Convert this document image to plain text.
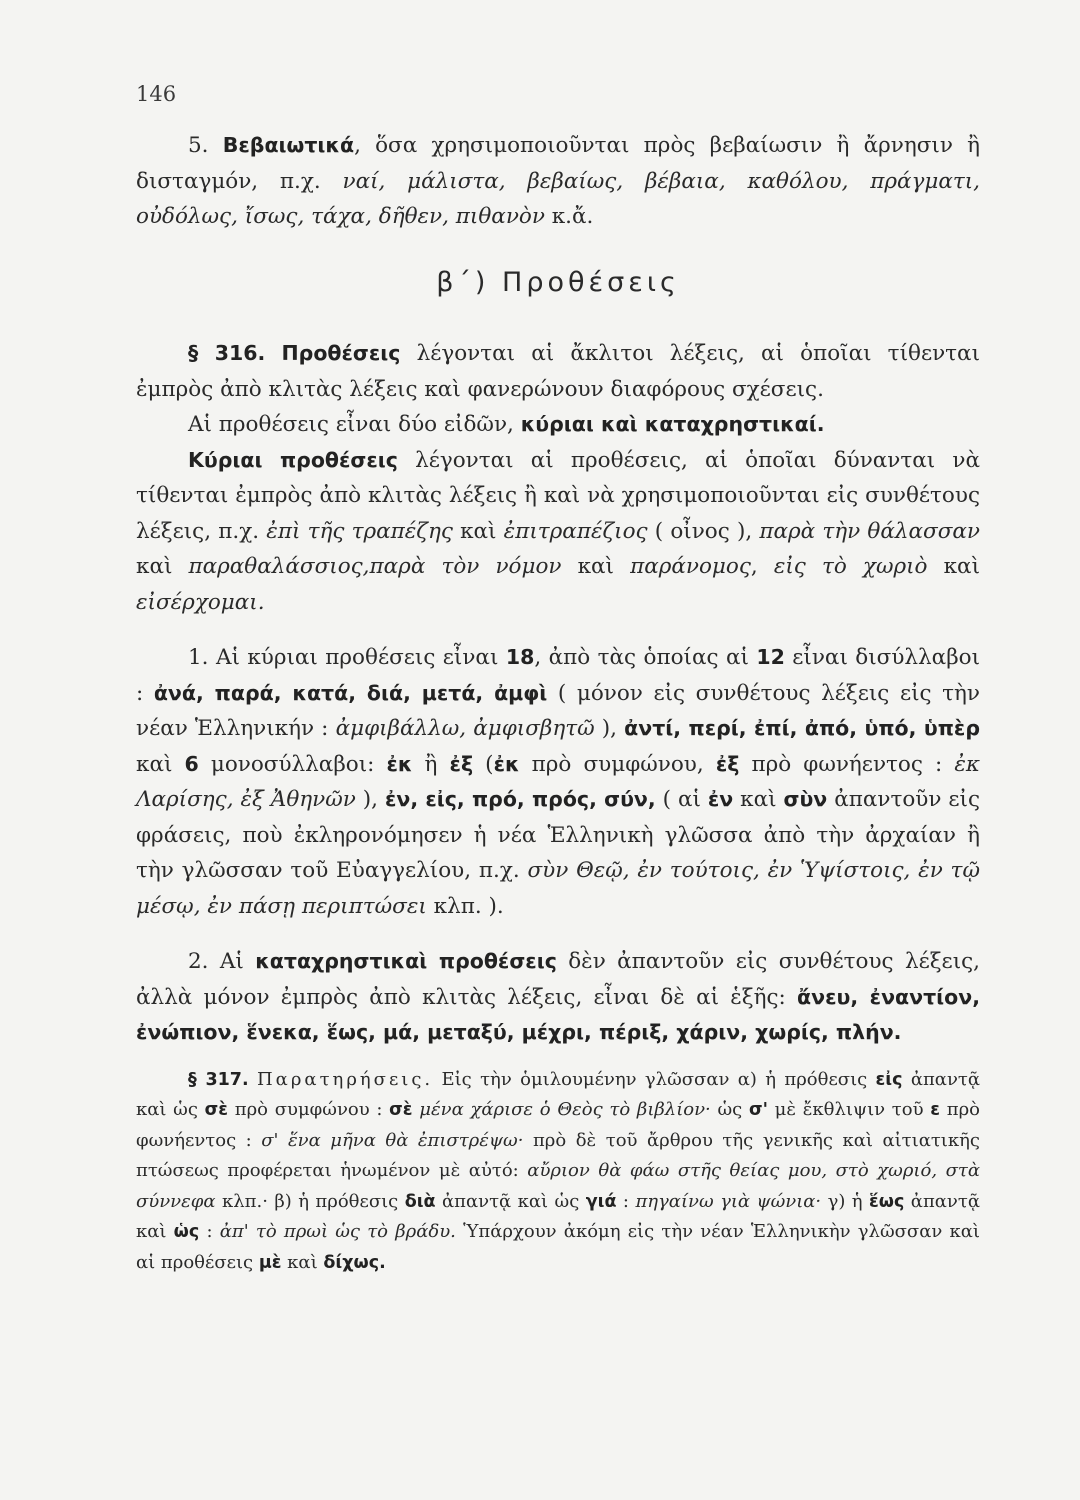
146

5. Βεβαιωτικά, ὅσα χρησιμοποιοῦνται πρὸς βεβαίωσιν ἢ ἄρνησιν ἢ δισταγμόν, π.χ. ναί, μάλιστα, βεβαίως, βέβαια, καθόλου, πράγματι, οὐδόλως, ἴσως, τάχα, δῆθεν, πιθανὸν κ.ἄ.

β΄) Προθέσεις

§ 316. Προθέσεις λέγονται αἱ ἄκλιτοι λέξεις, αἱ ὁποῖαι τίθενται ἐμπρὸς ἀπὸ κλιτὰς λέξεις καὶ φανερώνουν διαφόρους σχέσεις.

Αἱ προθέσεις εἶναι δύο εἰδῶν, κύριαι καὶ καταχρηστικαί.

Κύριαι προθέσεις λέγονται αἱ προθέσεις, αἱ ὁποῖαι δύνανται νὰ τίθενται ἐμπρὸς ἀπὸ κλιτὰς λέξεις ἢ καὶ νὰ χρησιμοποιοῦνται εἰς συνθέτους λέξεις, π.χ. ἐπὶ τῆς τραπέζης καὶ ἐπιτραπέζιος ( οἶνος ), παρὰ τὴν θάλασσαν καὶ παραθαλάσσιος,παρὰ τὸν νόμον καὶ παράνομος, εἰς τὸ χωριὸ καὶ εἰσέρχομαι.

1. Αἱ κύριαι προθέσεις εἶναι 18, ἀπὸ τὰς ὁποίας αἱ 12 εἶναι δισύλλαβοι : ἀνά, παρά, κατά, διά, μετά, ἀμφὶ ( μόνον εἰς συνθέτους λέξεις εἰς τὴν νέαν Ἑλληνικήν : ἀμφιβάλλω, ἀμφισβητῶ ), ἀντί, περί, ἐπί, ἀπό, ὑπό, ὑπὲρ καὶ 6 μονοσύλλαβοι: ἐκ ἢ ἐξ (ἐκ πρὸ συμφώνου, ἐξ πρὸ φωνήεντος : ἐκ Λαρίσης, ἐξ Ἀθηνῶν ), ἐν, εἰς, πρό, πρός, σύν, ( αἱ ἐν καὶ σὺν ἀπαντοῦν εἰς φράσεις, ποὺ ἐκληρονόμησεν ἡ νέα Ἑλληνικὴ γλῶσσα ἀπὸ τὴν ἀρχαίαν ἢ τὴν γλῶσσαν τοῦ Εὐαγγελίου, π.χ. σὺν Θεῷ, ἐν τούτοις, ἐν Ὑψίστοις, ἐν τῷ μέσῳ, ἐν πάσῃ περιπτώσει κλπ. ).

2. Αἱ καταχρηστικαὶ προθέσεις δὲν ἀπαντοῦν εἰς συνθέτους λέξεις, ἀλλὰ μόνον ἐμπρὸς ἀπὸ κλιτὰς λέξεις, εἶναι δὲ αἱ ἑξῆς: ἄνευ, ἐναντίον, ἐνώπιον, ἕνεκα, ἕως, μά, μεταξύ, μέχρι, πέριξ, χάριν, χωρίς, πλήν.

§ 317. Παρατηρήσεις. Εἰς τὴν ὁμιλουμένην γλῶσσαν α) ἡ πρόθεσις εἰς ἀπαντᾷ καὶ ὡς σὲ πρὸ συμφώνου : σὲ μένα χάρισε ὁ Θεὸς τὸ βιβλίον· ὡς σ' μὲ ἔκθλιψιν τοῦ ε πρὸ φωνήεντος : σ' ἕνα μῆνα θὰ ἐπιστρέψω· πρὸ δὲ τοῦ ἄρθρου τῆς γενικῆς καὶ αἰτιατικῆς πτώσεως προφέρεται ἡνωμένον μὲ αὐτό: αὔριον θὰ φάω στῆς θείας μου, στὸ χωριό, στὰ σύννεφα κλπ.· β) ἡ πρόθεσις διὰ ἀπαντᾷ καὶ ὡς γιά : πηγαίνω γιὰ ψώνια· γ) ἡ ἕως ἀπαντᾷ καὶ ὡς : ἀπ' τὸ πρωὶ ὡς τὸ βράδυ. Ὑπάρχουν ἀκόμη εἰς τὴν νέαν Ἑλληνικὴν γλῶσσαν καὶ αἱ προθέσεις μὲ καὶ δίχως.
